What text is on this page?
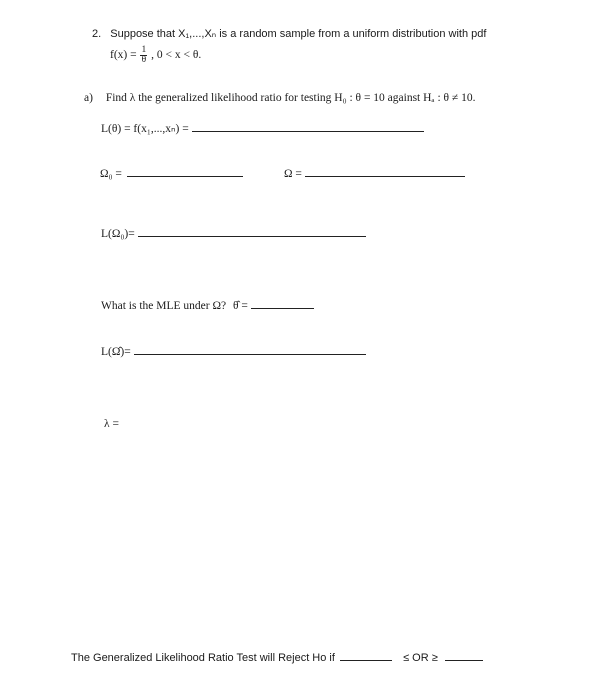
2. Suppose that X₁,...,Xₙ is a random sample from a uniform distribution with pdf
$f(x) = \frac{1}{\theta}$ , 0 < x < θ.
a) Find λ the generalized likelihood ratio for testing H₀ : θ = 10 against Hₐ : θ ≠ 10.
L(θ) = f(x₁,...,xₙ) =
Ω₀ =	Ω =
L(Ω₀)=
What is the MLE under Ω? θ̂ =
L(Ω̂)=
λ =
The Generalized Likelihood Ratio Test will Reject Ho if	≤ OR ≥
